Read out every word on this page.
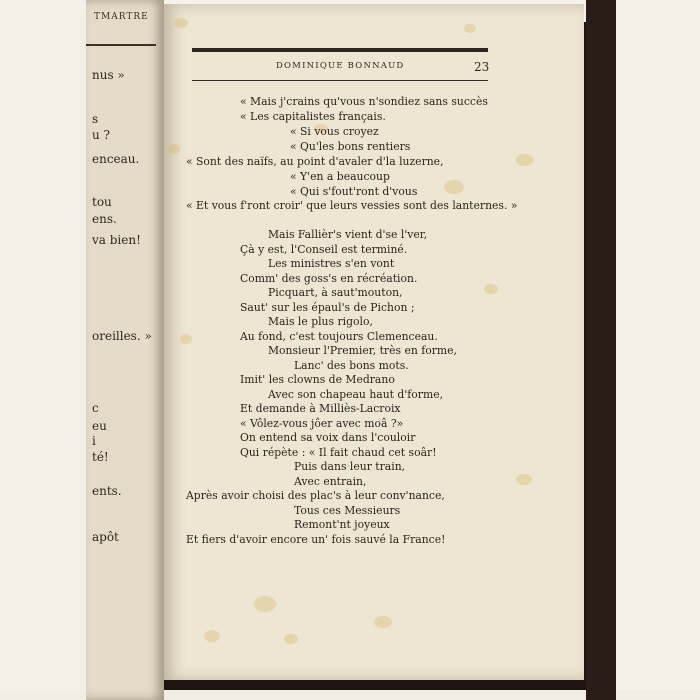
TMARTRE
nus »
s
u ?
enceau.
tou
ens.
va bien!
oreilles. »
c
eu
i
té!
ents.
apôt
DOMINIQUE BONNAUD	23
« Mais j'crains qu'vous n'sondiez sans succès
« Les capitalistes français.
« Si vous croyez
« Qu'les bons rentiers
« Sont des naïfs, au point d'avaler d'la luzerne,
« Y'en a beaucoup
« Qui s'fout'ront d'vous
« Et vous f'ront croir' que leurs vessies sont des lanternes. »
Mais Fallièr's vient d'se l'ver,
Çà y est, l'Conseil est terminé.
Les ministres s'en vont
Comm' des goss's en récréation.
Picquart, à saut'mouton,
Saut' sur les épaul's de Pichon ;
Mais le plus rigolo,
Au fond, c'est toujours Clemenceau.
Monsieur l'Premier, très en forme,
Lanc' des bons mots.
Imit' les clowns de Medrano
Avec son chapeau haut d'forme,
Et demande à Milliès-Lacroix
« Vôlez-vous jôer avec moâ ?»
On entend sa voix dans l'couloir
Qui répète : « Il fait chaud cet soâr!
Puis dans leur train,
Avec entrain,
Après avoir choisi des plac's à leur conv'nance,
Tous ces Messieurs
Remont'nt joyeux
Et fiers d'avoir encore un' fois sauvé la France!
